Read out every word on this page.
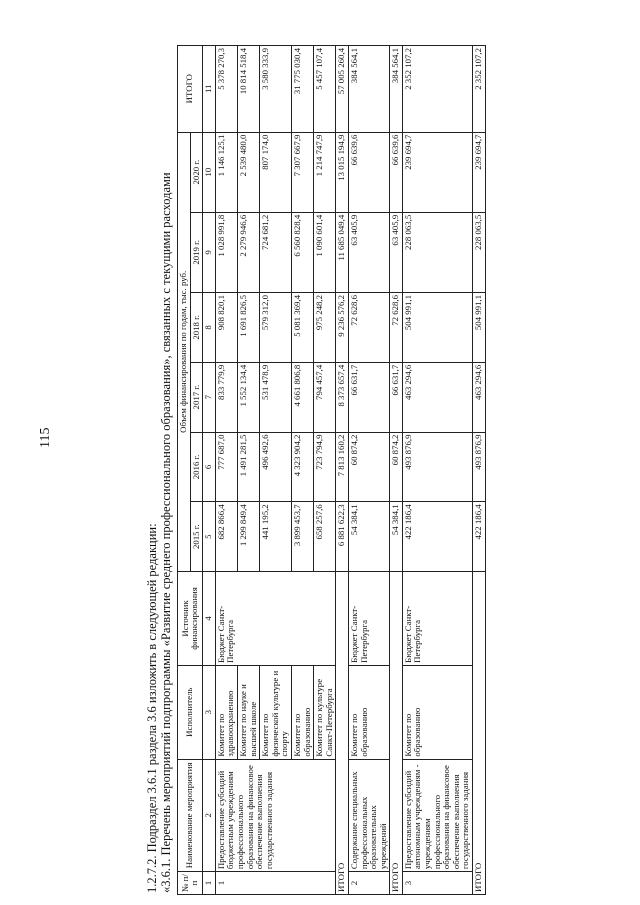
115
1.2.7.2. Подраздел 3.6.1 раздела 3.6 изложить в следующей редакции: «3.6.1. Перечень мероприятий подпрограммы «Развитие среднего профессионального образования», связанных с текущими расходами № п/п	Наименование мероприятия	Исполнитель	Источник финансирования	Объем финансирования по годам, тыс. руб.						ИТОГО
				2015 г.	2016 г.	2017 г.	2018 г.	2019 г.	2020 г.	
1	2	3	4	5	6	7	8	9	10	11
1	Предоставление субсидий бюджетным учреждениям профессионального образования на финансовое обеспечение выполнения государственного задания	Комитет по здравоохранению	Бюджет Санкт-Петербурга	682 866,4	777 687,0	833 779,9	908 820,1	1 028 991,8	1 146 125,1	5 378 270,3
		Комитет по науке и высшей школе		1 299 849,4	1 491 281,5	1 552 134,4	1 691 826,5	2 279 946,6	2 539 480,0	10 814 518,4
		Комитет по физической культуре и спорту		441 195,2	496 492,6	531 478,9	579 312,0	724 681,2	807 174,0	3 580 333,9
		Комитет по образованию		3 899 453,7	4 323 904,2	4 661 806,8	5 081 369,4	6 560 828,4	7 307 667,9	31 775 030,4
		Комитет по культуре Санкт-Петербурга		658 257,6	723 794,9	794 457,4	975 248,2	1 090 601,4	1 214 747,9	5 457 107,4
ИТОГО				6 881 622,3	7 813 160,2	8 373 657,4	9 236 576,2	11 685 049,4	13 015 194,9	57 005 260,4
2	Содержание специальных профессиональных образовательных учреждений	Комитет по образованию	Бюджет Санкт-Петербурга	54 384,1	60 874,2	66 631,7	72 628,6	63 405,9	66 639,6	384 564,1
ИТОГО				54 384,1	60 874,2	66 631,7	72 628,6	63 405,9	66 639,6	384 564,1
3	Предоставление субсидий автономным учреждениям - учреждениям профессионального образования на финансовое обеспечение выполнения государственного задания	Комитет по образованию	Бюджет Санкт-Петербурга	422 186,4	493 876,9	463 294,6	504 991,1	228 063,5	239 694,7	2 352 107,2
ИТОГО				422 186,4	493 876,9	463 294,6	504 991,1	228 063,5	239 694,7	2 352 107,2
